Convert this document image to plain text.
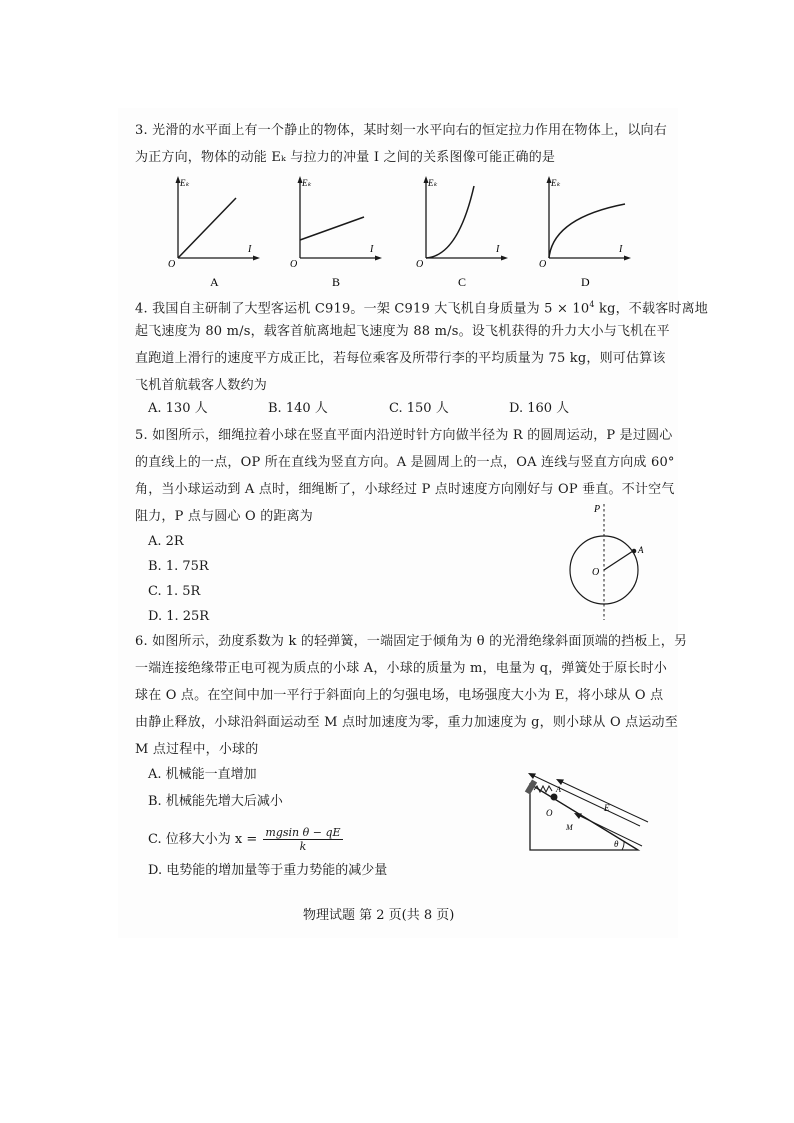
3. 光滑的水平面上有一个静止的物体，某时刻一水平向右的恒定拉力作用在物体上，以向右
为正方向，物体的动能 Eₖ 与拉力的冲量 I 之间的关系图像可能正确的是
Eₖ
I
O
A
Eₖ
I
O
B
Eₖ
I
O
C
Eₖ
I
O
D
4. 我国自主研制了大型客运机 C919。一架 C919 大飞机自身质量为 $5 \times 10^4$ kg，不载客时离地
起飞速度为 80 m/s，载客首航离地起飞速度为 88 m/s。设飞机获得的升力大小与飞机在平
直跑道上滑行的速度平方成正比，若每位乘客及所带行李的平均质量为 75 kg，则可估算该
飞机首航载客人数约为
A. 130 人	B. 140 人	C. 150 人	D. 160 人
5. 如图所示，细绳拉着小球在竖直平面内沿逆时针方向做半径为 R 的圆周运动，P 是过圆心
的直线上的一点，OP 所在直线为竖直方向。A 是圆周上的一点，OA 连线与竖直方向成 60°
角，当小球运动到 A 点时，细绳断了，小球经过 P 点时速度方向刚好与 OP 垂直。不计空气
阻力，P 点与圆心 O 的距离为
A. 2R
B. 1. 75R
C. 1. 5R
D. 1. 25R
P
A
O
6. 如图所示，劲度系数为 k 的轻弹簧，一端固定于倾角为 θ 的光滑绝缘斜面顶端的挡板上，另
一端连接绝缘带正电可视为质点的小球 A，小球的质量为 m，电量为 q，弹簧处于原长时小
球在 O 点。在空间中加一平行于斜面向上的匀强电场，电场强度大小为 E，将小球从 O 点
由静止释放，小球沿斜面运动至 M 点时加速度为零，重力加速度为 g，则小球从 O 点运动至
M 点过程中，小球的
A. 机械能一直增加
B. 机械能先增大后减小
C. 位移大小为 $x = \frac{\text{mgsin θ − qE}}{k}$
D. 电势能的增加量等于重力势能的减少量
A
E
O
M
θ
物理试题 第 2 页(共 8 页)
